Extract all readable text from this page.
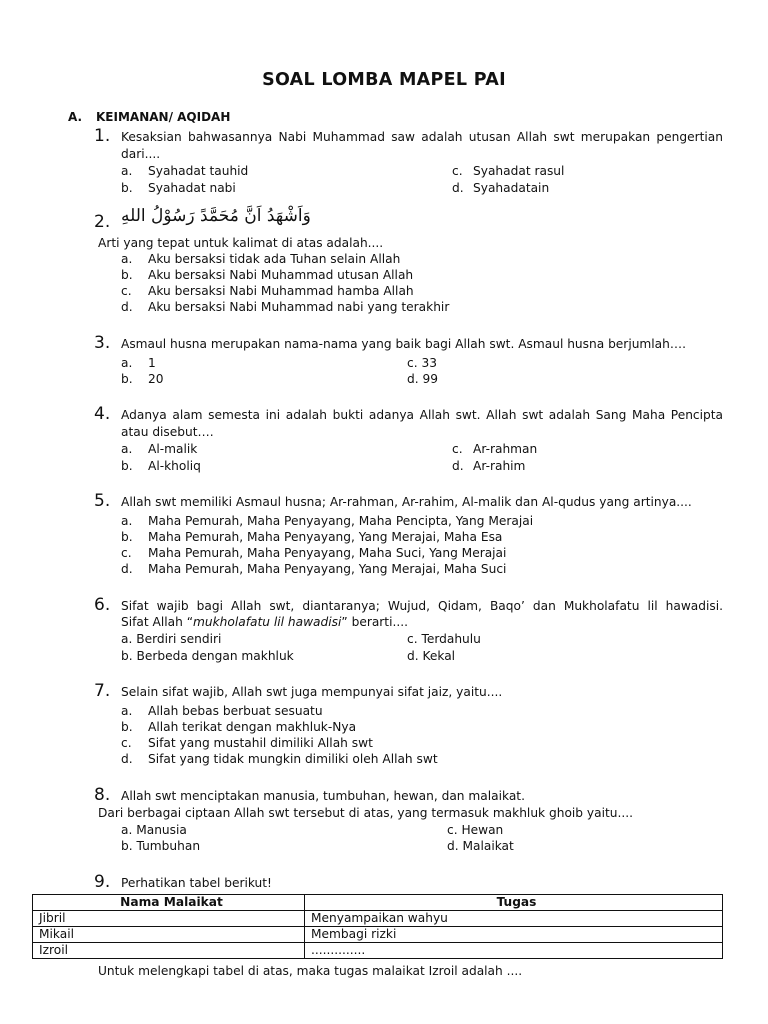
SOAL LOMBA MAPEL PAI
A. KEIMANAN/ AQIDAH
1. Kesaksian bahwasannya Nabi Muhammad saw adalah utusan Allah swt merupakan pengertian
dari....
a. Syahadat tauhid
b. Syahadat nabi
c. Syahadat rasul
d. Syahadatain
2. وَاَشْهَدُ اَنَّ مُحَمَّدً رَسُوْلُ اللهِ
Arti yang tepat untuk kalimat di atas adalah....
a. Aku bersaksi tidak ada Tuhan selain Allah
b. Aku bersaksi Nabi Muhammad utusan Allah
c. Aku bersaksi Nabi Muhammad hamba Allah
d. Aku bersaksi Nabi Muhammad nabi yang terakhir
3. Asmaul husna merupakan nama-nama yang baik bagi Allah swt. Asmaul husna berjumlah….
a. 1
b. 20
c. 33
d. 99
4. Adanya alam semesta ini adalah bukti adanya Allah swt. Allah swt adalah Sang Maha Pencipta
atau disebut….
a. Al-malik
b. Al-kholiq
c. Ar-rahman
d. Ar-rahim
5. Allah swt memiliki Asmaul husna; Ar-rahman, Ar-rahim, Al-malik dan Al-qudus yang artinya....
a. Maha Pemurah, Maha Penyayang, Maha Pencipta, Yang Merajai
b. Maha Pemurah, Maha Penyayang, Yang Merajai, Maha Esa
c. Maha Pemurah, Maha Penyayang, Maha Suci, Yang Merajai
d. Maha Pemurah, Maha Penyayang, Yang Merajai, Maha Suci
6. Sifat wajib bagi Allah swt, diantaranya; Wujud, Qidam, Baqo’ dan Mukholafatu lil hawadisi.
Sifat Allah “mukholafatu lil hawadisi” berarti....
a. Berdiri sendiri
b. Berbeda dengan makhluk
c. Terdahulu
d. Kekal
7. Selain sifat wajib, Allah swt juga mempunyai sifat jaiz, yaitu....
a. Allah bebas berbuat sesuatu
b. Allah terikat dengan makhluk-Nya
c. Sifat yang mustahil dimiliki Allah swt
d. Sifat yang tidak mungkin dimiliki oleh Allah swt
8. Allah swt menciptakan manusia, tumbuhan, hewan, dan malaikat.
Dari berbagai ciptaan Allah swt tersebut di atas, yang termasuk makhluk ghoib yaitu....
a. Manusia
b. Tumbuhan
c. Hewan
d. Malaikat
9. Perhatikan tabel berikut!
Nama Malaikat	Tugas
Jibril	Menyampaikan wahyu
Mikail	Membagi rizki
Izroil	..............
Untuk melengkapi tabel di atas, maka tugas malaikat Izroil adalah ....
